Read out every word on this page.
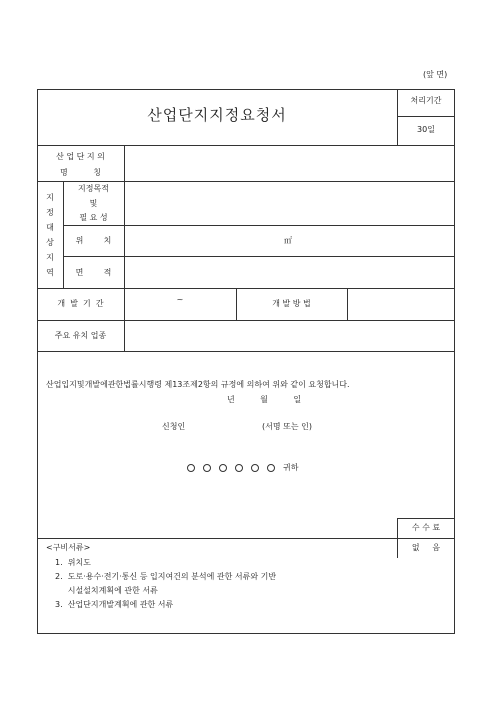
(앞 면)
산업단지지정요청서
처리기간
30일
산 업 단 지 의
명          칭
지
정
대
상
지
역
지정목적
및
필 요 성
위        치	㎡
면        적
개  발  기  간	~	개 발 방 법
주요 유치 업종
산업입지및개발에관한법률시행령 제13조제2항의 규정에 의하여 위와 같이 요청합니다.
년          월          일
신청인	(서명 또는 인)
귀하
수 수 료
없     음
<구비서류>
1.  위치도
2.  도로·용수·전기·통신 등 입지여건의 분석에 관한 서류와 기반
시설설치계획에 관한 서류
3.  산업단지개발계획에 관한 서류
